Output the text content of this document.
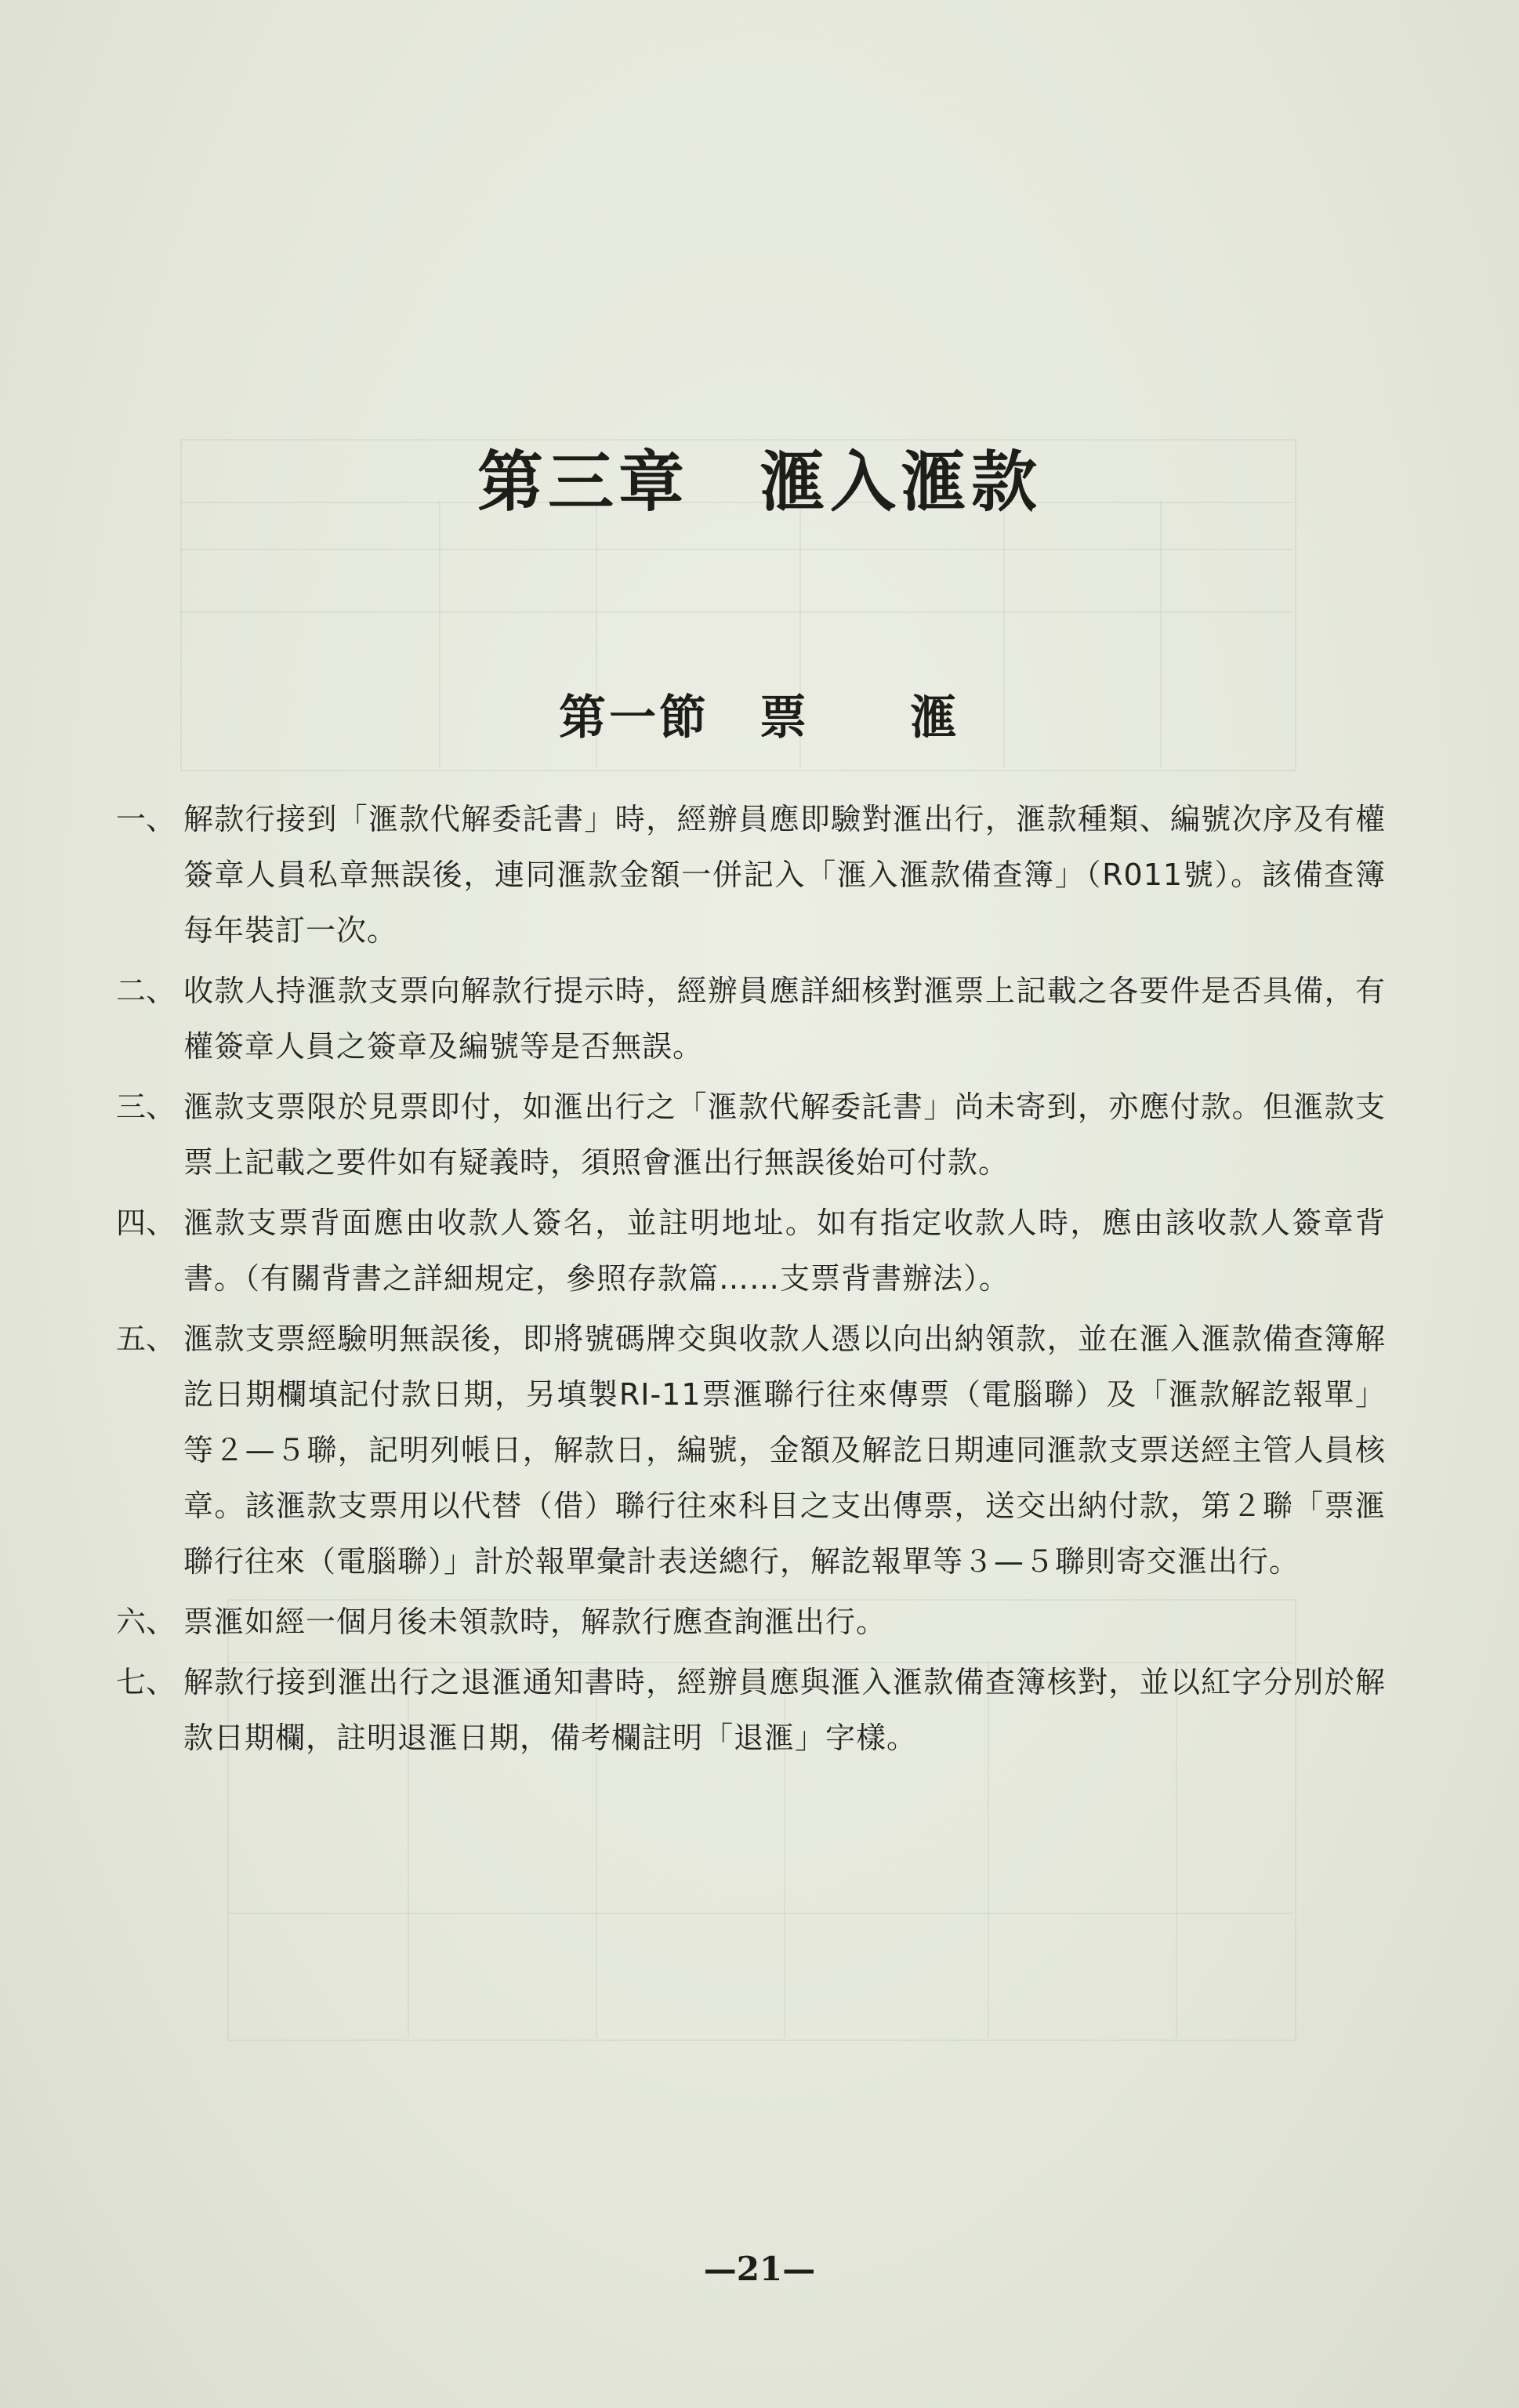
第三章　滙入滙款
第一節　票　　滙
一、 解款行接到「滙款代解委託書」時，經辦員應即驗對滙出行，滙款種類、編號次序及有權簽章人員私章無誤後，連同滙款金額一併記入「滙入滙款備查簿」（R011號）。該備查簿每年裝訂一次。
二、 收款人持滙款支票向解款行提示時，經辦員應詳細核對滙票上記載之各要件是否具備，有權簽章人員之簽章及編號等是否無誤。
三、 滙款支票限於見票即付，如滙出行之「滙款代解委託書」尚未寄到，亦應付款。但滙款支票上記載之要件如有疑義時，須照會滙出行無誤後始可付款。
四、 滙款支票背面應由收款人簽名，並註明地址。如有指定收款人時，應由該收款人簽章背書。（有關背書之詳細規定，參照存款篇……支票背書辦法）。
五、 滙款支票經驗明無誤後，即將號碼牌交與收款人憑以向出納領款，並在滙入滙款備查簿解訖日期欄填記付款日期，另填製RI-11票滙聯行往來傳票（電腦聯）及「滙款解訖報單」等２—５聯，記明列帳日，解款日，編號，金額及解訖日期連同滙款支票送經主管人員核章。該滙款支票用以代替（借）聯行往來科目之支出傳票，送交出納付款，第２聯「票滙聯行往來（電腦聯）」計於報單彙計表送總行，解訖報單等３—５聯則寄交滙出行。
六、 票滙如經一個月後未領款時，解款行應查詢滙出行。
七、 解款行接到滙出行之退滙通知書時，經辦員應與滙入滙款備查簿核對，並以紅字分別於解款日期欄，註明退滙日期，備考欄註明「退滙」字樣。
—21—
